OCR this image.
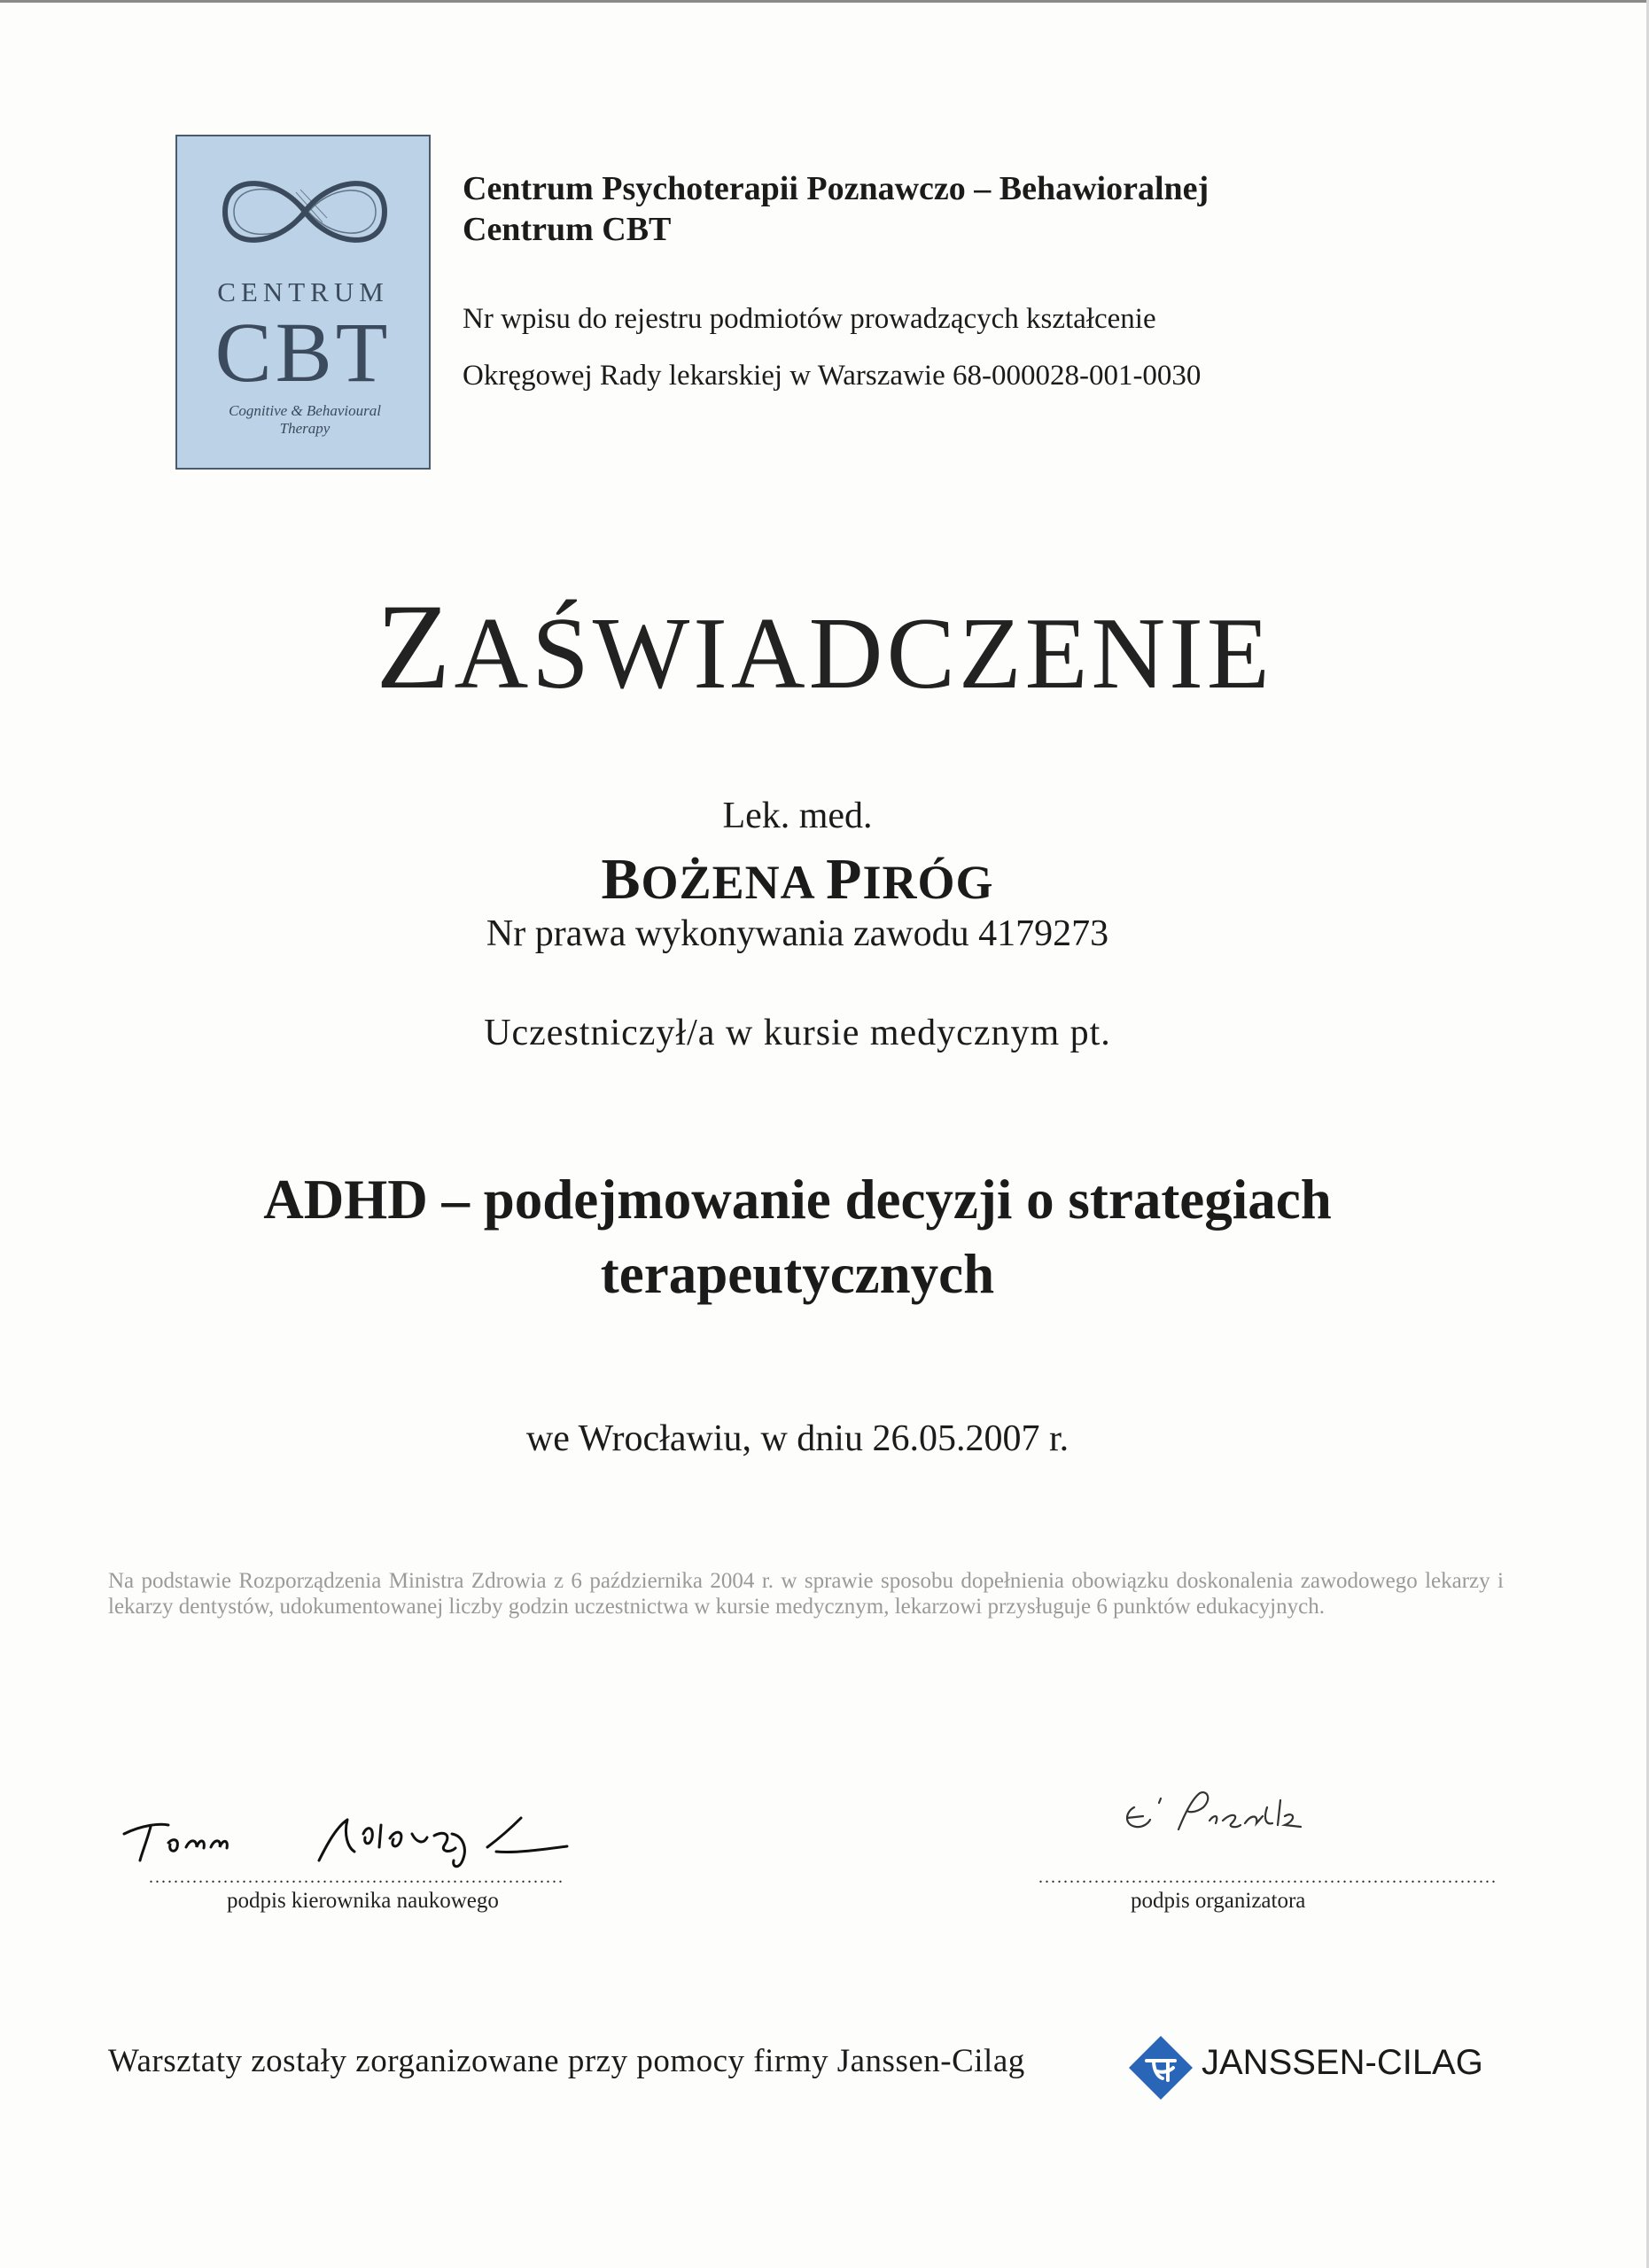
CENTRUM
CBT
Cognitive & Behavioural Therapy
Centrum Psychoterapii Poznawczo – Behawioralnej
Centrum CBT
Nr wpisu do rejestru podmiotów prowadzących kształcenie
Okręgowej Rady lekarskiej w Warszawie 68-000028-001-0030
ZAŚWIADCZENIE
Lek. med.
BOŻENA PIRÓG
Nr prawa wykonywania zawodu 4179273
Uczestniczył/a w kursie medycznym pt.
ADHD – podejmowanie decyzji o strategiach
terapeutycznych
we Wrocławiu, w dniu 26.05.2007 r.
Na podstawie Rozporządzenia Ministra Zdrowia z 6 października 2004 r. w sprawie sposobu dopełnienia obowiązku doskonalenia zawodowego lekarzy i lekarzy dentystów, udokumentowanej liczby godzin uczestnictwa w kursie medycznym, lekarzowi przysługuje 6 punktów edukacyjnych.
...................................................................
podpis kierownika naukowego
..........................................................................
podpis organizatora
Warsztaty zostały zorganizowane przy pomocy firmy Janssen-Cilag	JANSSEN-CILAG
